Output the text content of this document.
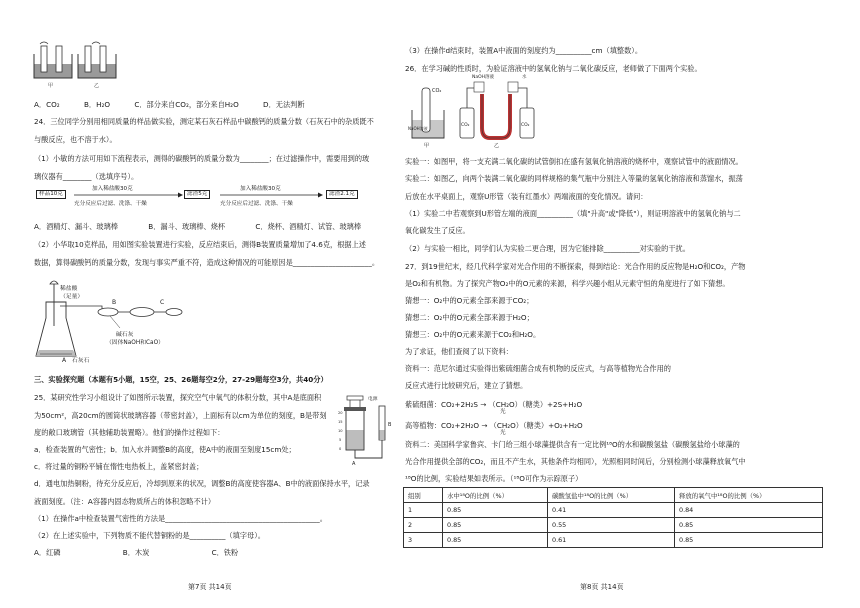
甲	乙
A．CO₂	B．H₂O	C．部分来自CO₂，部分来自H₂O	D．无法判断
24．三位同学分别用相同质量的样品做实验，测定某石灰石样品中碳酸钙的质量分数（石灰石中的杂质既不
与酸反应，也不溶于水）。
（1）小敏的方法可用如下流程表示，测得的碳酸钙的质量分数为________；在过滤操作中，需要用到的玻
璃仪器有________（选填序号）。
样品10克
加入稀盐酸30克
充分反应后过滤、洗涤、干燥
滤渣5克
加入稀盐酸30克
充分反应后过滤、洗涤、干燥
滤渣2.1克
A．酒精灯、漏斗、玻璃棒	B．漏斗、玻璃棒、烧杯	C．烧杯、酒精灯、试管、玻璃棒
（2）小华取10克样品，用如图实验装置进行实验，反应结束后，测得B装置质量增加了4.6克，根据上述
数据，算得碳酸钙的质量分数，发现与事实严重不符，造成这种情况的可能原因是______________________。
稀盐酸
（足量）
B	C
碱石灰
（固体NaOH和CaO）
A 石灰石
三、实验探究题（本题有5小题，15空，25、26题每空2分，27-29题每空3分，共40分）
25．某研究性学习小组设计了如图所示装置，探究空气中氧气的体积分数，其中A是底面积
为50cm²，高20cm的圆筒状玻璃容器（带密封盖），上面标有以cm为单位的刻度，B是带刻
度的敞口玻璃管（其他辅助装置略）。他们的操作过程如下：
a．检查装置的气密性；b．加入水并调整B的高度，使A中的液面至刻度15cm处；
c．将过量的铜粉平铺在惰性电热板上，盖紧密封盖；
d．通电加热铜粉，待充分反应后，冷却到原来的状况，调整B的高度使容器A、B中的液面保持水平，记录
液面刻度。（注：A容器内固态物质所占的体积忽略不计）
（1）在操作a中检查装置气密性的方法是___________________________________________。
（2）在上述实验中，下列物质不能代替铜粉的是__________（填字母）。
A．红磷	B．木炭	C．铁粉
电源
20
15
10
5
0
A
B
第7页 共14页
（3）在操作d结束时，装置A中液面的刻度约为__________cm（填整数）。
26．在学习碱的性质时，为验证溶液中的氢氧化钠与二氧化碳反应，老师做了下面两个实验。
CO₂
NaOH溶液
NaOH溶液	水
CO₂	CO₂
甲	乙
实验一：如图甲，将一支充满二氧化碳的试管倒扣在盛有氢氧化钠溶液的烧杯中，观察试管中的液面情况。
实验二：如图乙，向两个装满二氧化碳的同样规格的集气瓶中分别注入等量的氢氧化钠溶液和蒸馏水，振荡
后放在水平桌面上，观察U形管（装有红墨水）两端液面的变化情况。请问：
（1）实验二中若观察到U形管左端的液面__________（填"升高"或"降低"），则证明溶液中的氢氧化钠与二
氧化碳发生了反应。
（2）与实验一相比，同学们认为实验二更合理，因为它能排除__________对实验的干扰。
27．到19世纪末，经几代科学家对光合作用的不断探索，得到结论：光合作用的反应物是H₂O和CO₂，产物
是O₂和有机物。为了探究产物O₂中的O元素的来源，科学兴趣小组从元素守恒的角度进行了如下猜想。
猜想一：O₂中的O元素全部来源于CO₂；
猜想二：O₂中的O元素全部来源于H₂O；
猜想三：O₂中的O元素来源于CO₂和H₂O。
为了求证，他们查阅了以下资料：
资料一：范尼尔通过实验得出紫硫细菌合成有机物的反应式，与高等植物光合作用的
反应式进行比较研究后，建立了猜想。
紫硫细菌：CO₂+2H₂S → （CH₂O）（糖类）+2S+H₂O
光
高等植物：CO₂+2H₂O → （CH₂O）（糖类）+O₂+H₂O
光
资料二：美国科学家鲁宾、卡门给三组小球藻提供含有一定比例¹⁸O的水和碳酸氢盐（碳酸氢盐给小球藻的
光合作用提供全部的CO₂，而且不产生水，其他条件均相同），光照相同时间后，分别检测小球藻释放氧气中
¹⁸O的比例，实验结果如表所示。（¹⁸O可作为示踪原子）
组别	水中¹⁸O的比例（%）	碳酸氢盐中¹⁸O的比例（%）	释放的氧气中¹⁸O的比例（%）
1	0.85	0.41	0.84
2	0.85	0.55	0.85
3	0.85	0.61	0.85
第8页 共14页
